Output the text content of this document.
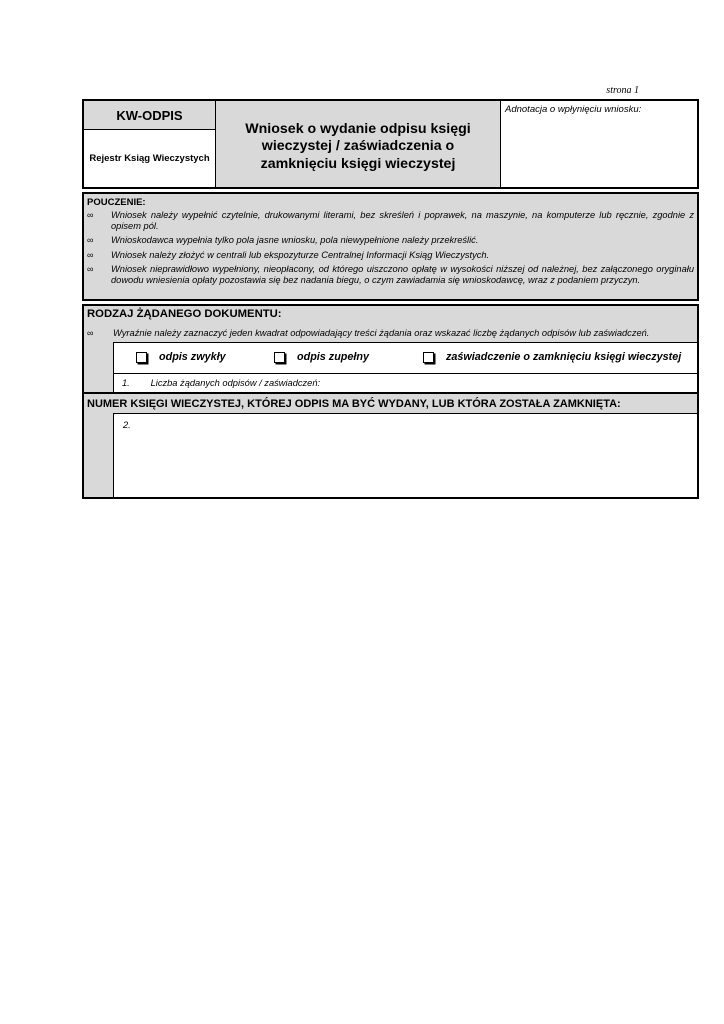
strona 1
KW-ODPIS
Rejestr Ksiąg Wieczystych
Wniosek o wydanie odpisu księgi wieczystej / zaświadczenia o zamknięciu księgi wieczystej
Adnotacja o wpłynięciu wniosku:
POUCZENIE:
∞	Wniosek należy wypełnić czytelnie, drukowanymi literami, bez skreśleń i poprawek, na maszynie, na komputerze lub ręcznie, zgodnie z opisem pól.
∞	Wnioskodawca wypełnia tylko pola jasne wniosku, pola niewypełnione należy przekreślić.
∞	Wniosek należy złożyć w centrali lub ekspozyturze Centralnej Informacji Ksiąg Wieczystych.
∞	Wniosek nieprawidłowo wypełniony, nieopłacony, od którego uiszczono opłatę w wysokości niższej od należnej, bez załączonego oryginału dowodu wniesienia opłaty pozostawia się bez nadania biegu, o czym zawiadamia się wnioskodawcę, wraz z podaniem przyczyn.
RODZAJ ŻĄDANEGO DOKUMENTU:
∞	Wyraźnie należy zaznaczyć jeden kwadrat odpowiadający treści żądania oraz wskazać liczbę żądanych odpisów lub zaświadczeń.
odpis zwykły	odpis zupełny	zaświadczenie o zamknięciu księgi wieczystej
1. Liczba żądanych odpisów / zaświadczeń:
NUMER KSIĘGI WIECZYSTEJ, KTÓREJ ODPIS MA BYĆ WYDANY, LUB KTÓRA ZOSTAŁA ZAMKNIĘTA:
2.
